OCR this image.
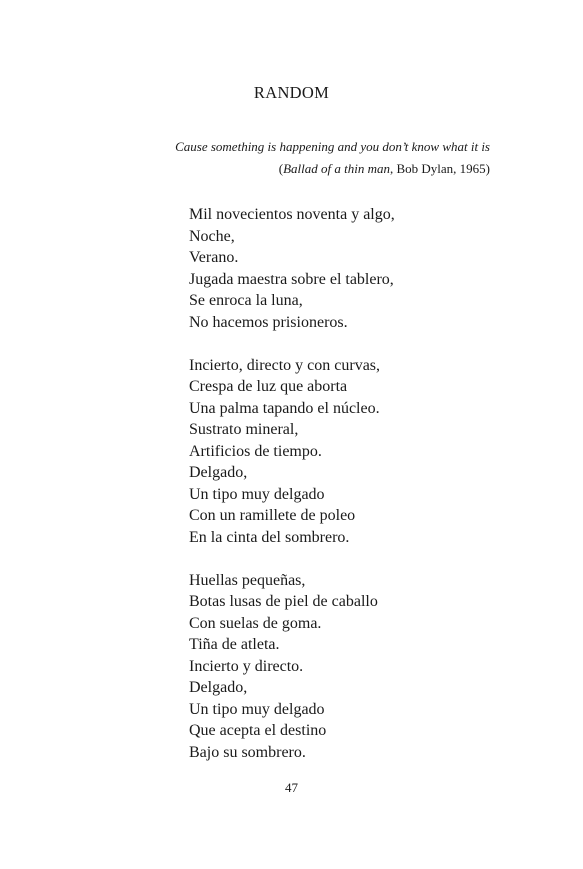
RANDOM
Cause something is happening and you don’t know what it is
(Ballad of a thin man, Bob Dylan, 1965)
Mil novecientos noventa y algo,
Noche,
Verano.
Jugada maestra sobre el tablero,
Se enroca la luna,
No hacemos prisioneros.
Incierto, directo y con curvas,
Crespa de luz que aborta
Una palma tapando el núcleo.
Sustrato mineral,
Artificios de tiempo.
Delgado,
Un tipo muy delgado
Con un ramillete de poleo
En la cinta del sombrero.
Huellas pequeñas,
Botas lusas de piel de caballo
Con suelas de goma.
Tiña de atleta.
Incierto y directo.
Delgado,
Un tipo muy delgado
Que acepta el destino
Bajo su sombrero.
47
